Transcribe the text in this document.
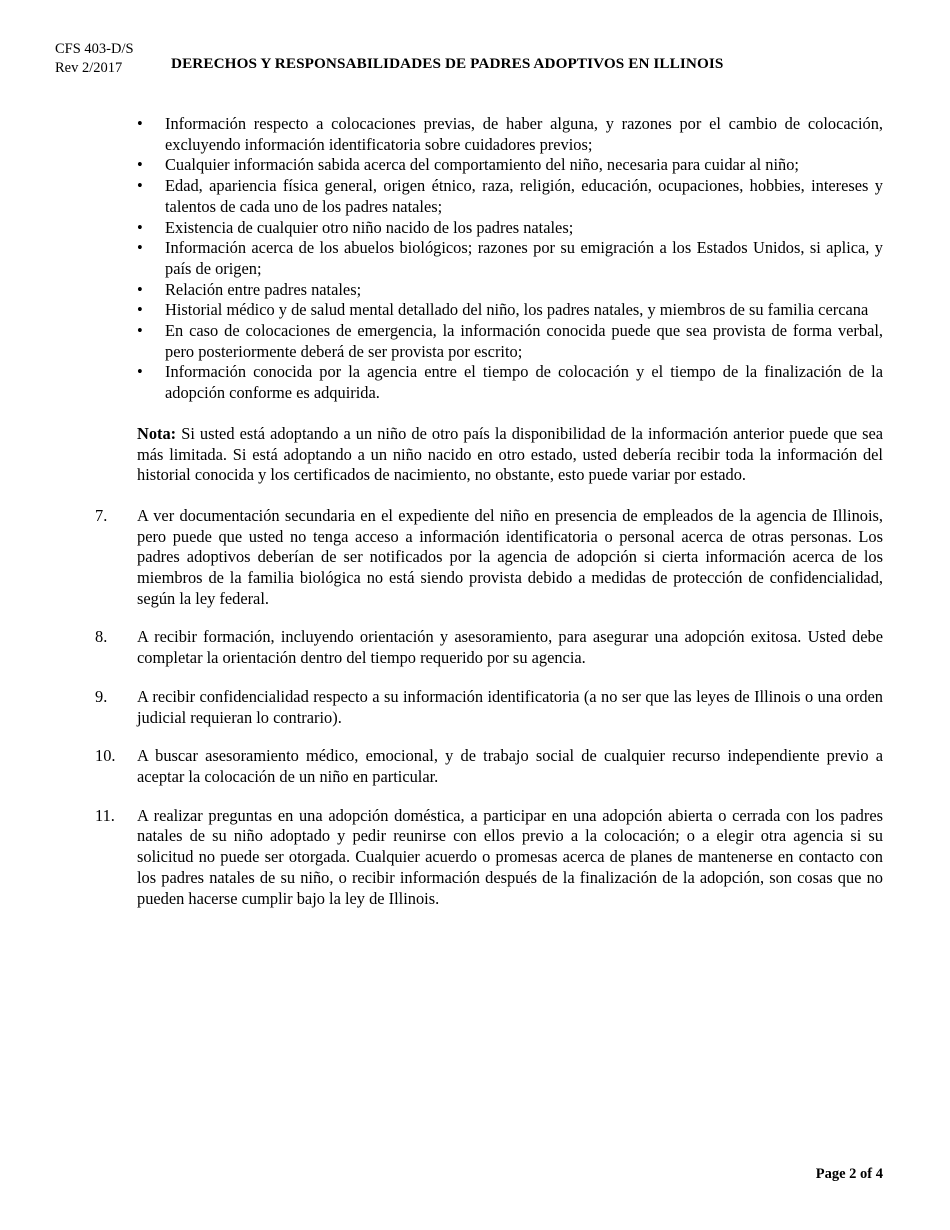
CFS 403-D/S
Rev 2/2017	DERECHOS Y RESPONSABILIDADES DE PADRES ADOPTIVOS EN ILLINOIS
• Información respecto a colocaciones previas, de haber alguna, y razones por el cambio de colocación, excluyendo información identificatoria sobre cuidadores previos;
• Cualquier información sabida acerca del comportamiento del niño, necesaria para cuidar al niño;
• Edad, apariencia física general, origen étnico, raza, religión, educación, ocupaciones, hobbies, intereses y talentos de cada uno de los padres natales;
• Existencia de cualquier otro niño nacido de los padres natales;
• Información acerca de los abuelos biológicos; razones por su emigración a los Estados Unidos, si aplica, y país de origen;
• Relación entre padres natales;
• Historial médico y de salud mental detallado del niño, los padres natales, y miembros de su familia cercana
• En caso de colocaciones de emergencia, la información conocida puede que sea provista de forma verbal, pero posteriormente deberá de ser provista por escrito;
• Información conocida por la agencia entre el tiempo de colocación y el tiempo de la finalización de la adopción conforme es adquirida.

Nota: Si usted está adoptando a un niño de otro país la disponibilidad de la información anterior puede que sea más limitada. Si está adoptando a un niño nacido en otro estado, usted debería recibir toda la información del historial conocida y los certificados de nacimiento, no obstante, esto puede variar por estado.

7. A ver documentación secundaria en el expediente del niño en presencia de empleados de la agencia de Illinois, pero puede que usted no tenga acceso a información identificatoria o personal acerca de otras personas. Los padres adoptivos deberían de ser notificados por la agencia de adopción si cierta información acerca de los miembros de la familia biológica no está siendo provista debido a medidas de protección de confidencialidad, según la ley federal.
8. A recibir formación, incluyendo orientación y asesoramiento, para asegurar una adopción exitosa. Usted debe completar la orientación dentro del tiempo requerido por su agencia.
9. A recibir confidencialidad respecto a su información identificatoria (a no ser que las leyes de Illinois o una orden judicial requieran lo contrario).
10. A buscar asesoramiento médico, emocional, y de trabajo social de cualquier recurso independiente previo a aceptar la colocación de un niño en particular.
11. A realizar preguntas en una adopción doméstica, a participar en una adopción abierta o cerrada con los padres natales de su niño adoptado y pedir reunirse con ellos previo a la colocación; o a elegir otra agencia si su solicitud no puede ser otorgada. Cualquier acuerdo o promesas acerca de planes de mantenerse en contacto con los padres natales de su niño, o recibir información después de la finalización de la adopción, son cosas que no pueden hacerse cumplir bajo la ley de Illinois.
Page 2 of 4
